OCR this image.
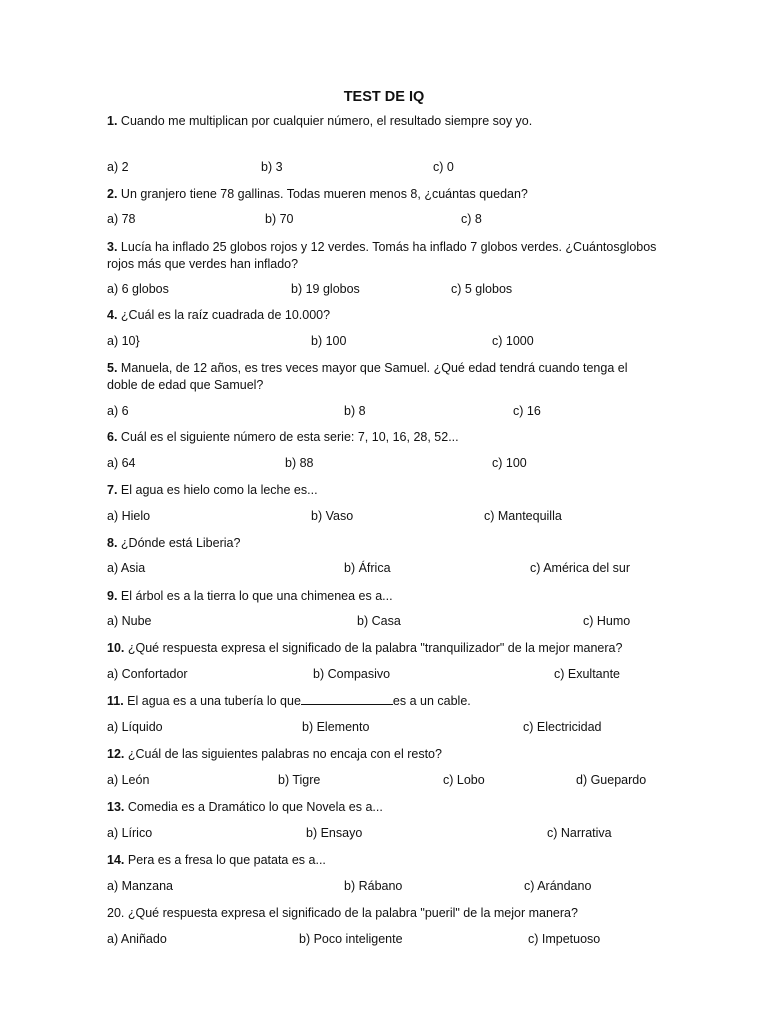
TEST DE IQ
1. Cuando me multiplican por cualquier número, el resultado siempre soy yo.
a) 2	b) 3	c) 0
2. Un granjero tiene 78 gallinas. Todas mueren menos 8, ¿cuántas quedan?
a) 78	b) 70	c) 8
3. Lucía ha inflado 25 globos rojos y 12 verdes. Tomás ha inflado 7 globos verdes. ¿Cuántosglobos rojos más que verdes han inflado?
a) 6 globos	b) 19 globos	c) 5 globos
4. ¿Cuál es la raíz cuadrada de 10.000?
a) 10}	b) 100	c) 1000
5. Manuela, de 12 años, es tres veces mayor que Samuel. ¿Qué edad tendrá cuando tenga el doble de edad que Samuel?
a) 6	b) 8	c) 16
6. Cuál es el siguiente número de esta serie: 7, 10, 16, 28, 52...
a) 64	b) 88	c) 100
7. El agua es hielo como la leche es...
a) Hielo	b) Vaso	c) Mantequilla
8. ¿Dónde está Liberia?
a) Asia	b) África	c) América del sur
9. El árbol es a la tierra lo que una chimenea es a...
a) Nube	b) Casa	c) Humo
10. ¿Qué respuesta expresa el significado de la palabra "tranquilizador" de la mejor manera?
a) Confortador	b) Compasivo	c) Exultante
11. El agua es a una tubería lo que	es a un cable.
a) Líquido	b) Elemento	c) Electricidad
12. ¿Cuál de las siguientes palabras no encaja con el resto?
a) León	b) Tigre	c) Lobo	d) Guepardo
13. Comedia es a Dramático lo que Novela es a...
a) Lírico	b) Ensayo	c) Narrativa
14. Pera es a fresa lo que patata es a...
a) Manzana	b) Rábano	c) Arándano
20. ¿Qué respuesta expresa el significado de la palabra "pueril" de la mejor manera?
a) Aniñado	b) Poco inteligente	c) Impetuoso
